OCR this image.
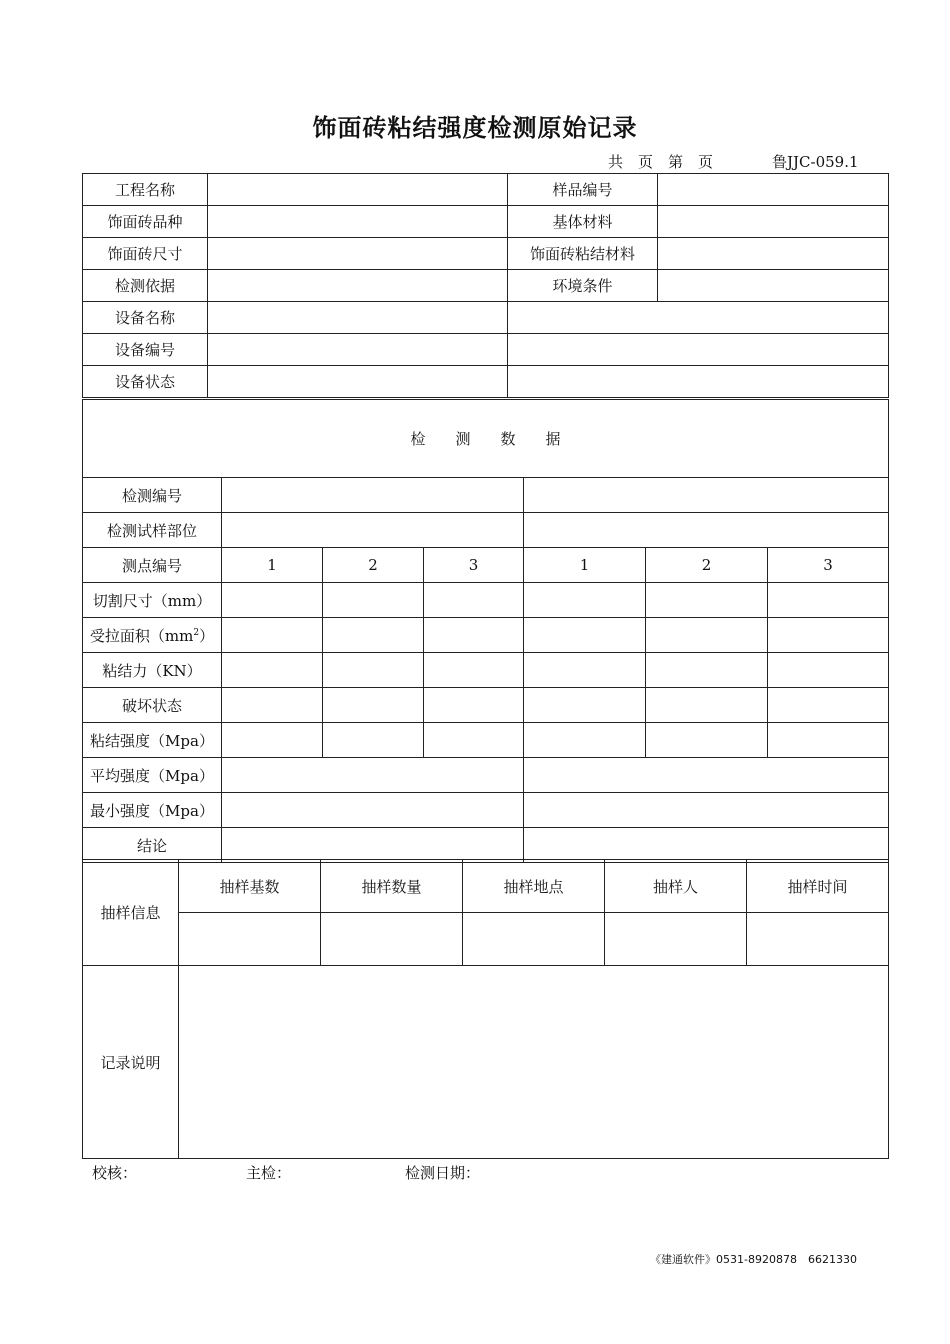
饰面砖粘结强度检测原始记录
共　页　第　页	鲁JJC-059.1
工程名称		样品编号	
饰面砖品种		基体材料	
饰面砖尺寸		饰面砖粘结材料	
检测依据		环境条件	
设备名称			
设备编号			
设备状态			
检　　测　　数　　据						
检测编号						
检测试样部位						
测点编号	1	2	3	1	2	3
切割尺寸（mm）						
受拉面积$(mm^2)$						
粘结力（KN）						
破坏状态						
粘结强度（Mpa）						
平均强度（Mpa）						
最小强度（Mpa）						
结论						
抽样信息	抽样基数	抽样数量	抽样地点	抽样人	抽样时间

记录说明					
校核：	主检：	检测日期：
《建通软件》0531-8920878　6621330
